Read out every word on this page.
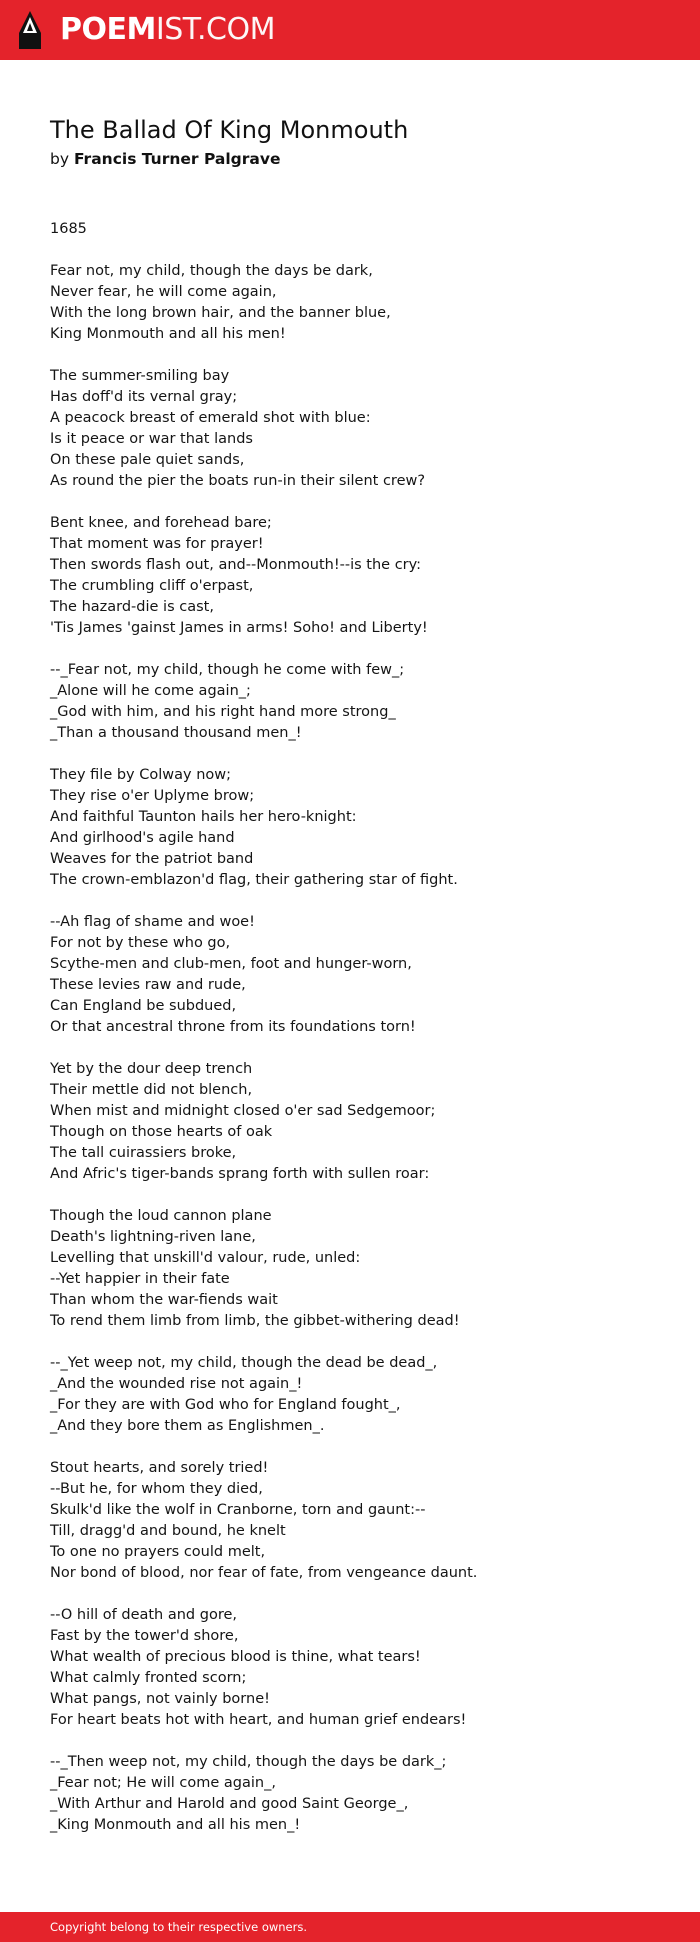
POEMIST.COM
The Ballad Of King Monmouth

by Francis Turner Palgrave

1685
Fear not, my child, though the days be dark,
Never fear, he will come again,
With the long brown hair, and the banner blue,
King Monmouth and all his men!
The summer-smiling bay
Has doff'd its vernal gray;
A peacock breast of emerald shot with blue:
Is it peace or war that lands
On these pale quiet sands,
As round the pier the boats run-in their silent crew?
Bent knee, and forehead bare;
That moment was for prayer!
Then swords flash out, and--Monmouth!--is the cry:
The crumbling cliff o'erpast,
The hazard-die is cast,
'Tis James 'gainst James in arms! Soho! and Liberty!
--_Fear not, my child, though he come with few_;
_Alone will he come again_;
_God with him, and his right hand more strong_
_Than a thousand thousand men_!
They file by Colway now;
They rise o'er Uplyme brow;
And faithful Taunton hails her hero-knight:
And girlhood's agile hand
Weaves for the patriot band
The crown-emblazon'd flag, their gathering star of fight.
--Ah flag of shame and woe!
For not by these who go,
Scythe-men and club-men, foot and hunger-worn,
These levies raw and rude,
Can England be subdued,
Or that ancestral throne from its foundations torn!
Yet by the dour deep trench
Their mettle did not blench,
When mist and midnight closed o'er sad Sedgemoor;
Though on those hearts of oak
The tall cuirassiers broke,
And Afric's tiger-bands sprang forth with sullen roar:
Though the loud cannon plane
Death's lightning-riven lane,
Levelling that unskill'd valour, rude, unled:
--Yet happier in their fate
Than whom the war-fiends wait
To rend them limb from limb, the gibbet-withering dead!
--_Yet weep not, my child, though the dead be dead_,
_And the wounded rise not again_!
_For they are with God who for England fought_,
_And they bore them as Englishmen_.
Stout hearts, and sorely tried!
--But he, for whom they died,
Skulk'd like the wolf in Cranborne, torn and gaunt:--
Till, dragg'd and bound, he knelt
To one no prayers could melt,
Nor bond of blood, nor fear of fate, from vengeance daunt.
--O hill of death and gore,
Fast by the tower'd shore,
What wealth of precious blood is thine, what tears!
What calmly fronted scorn;
What pangs, not vainly borne!
For heart beats hot with heart, and human grief endears!
--_Then weep not, my child, though the days be dark_;
_Fear not; He will come again_,
_With Arthur and Harold and good Saint George_,
_King Monmouth and all his men_!
Copyright belong to their respective owners.
